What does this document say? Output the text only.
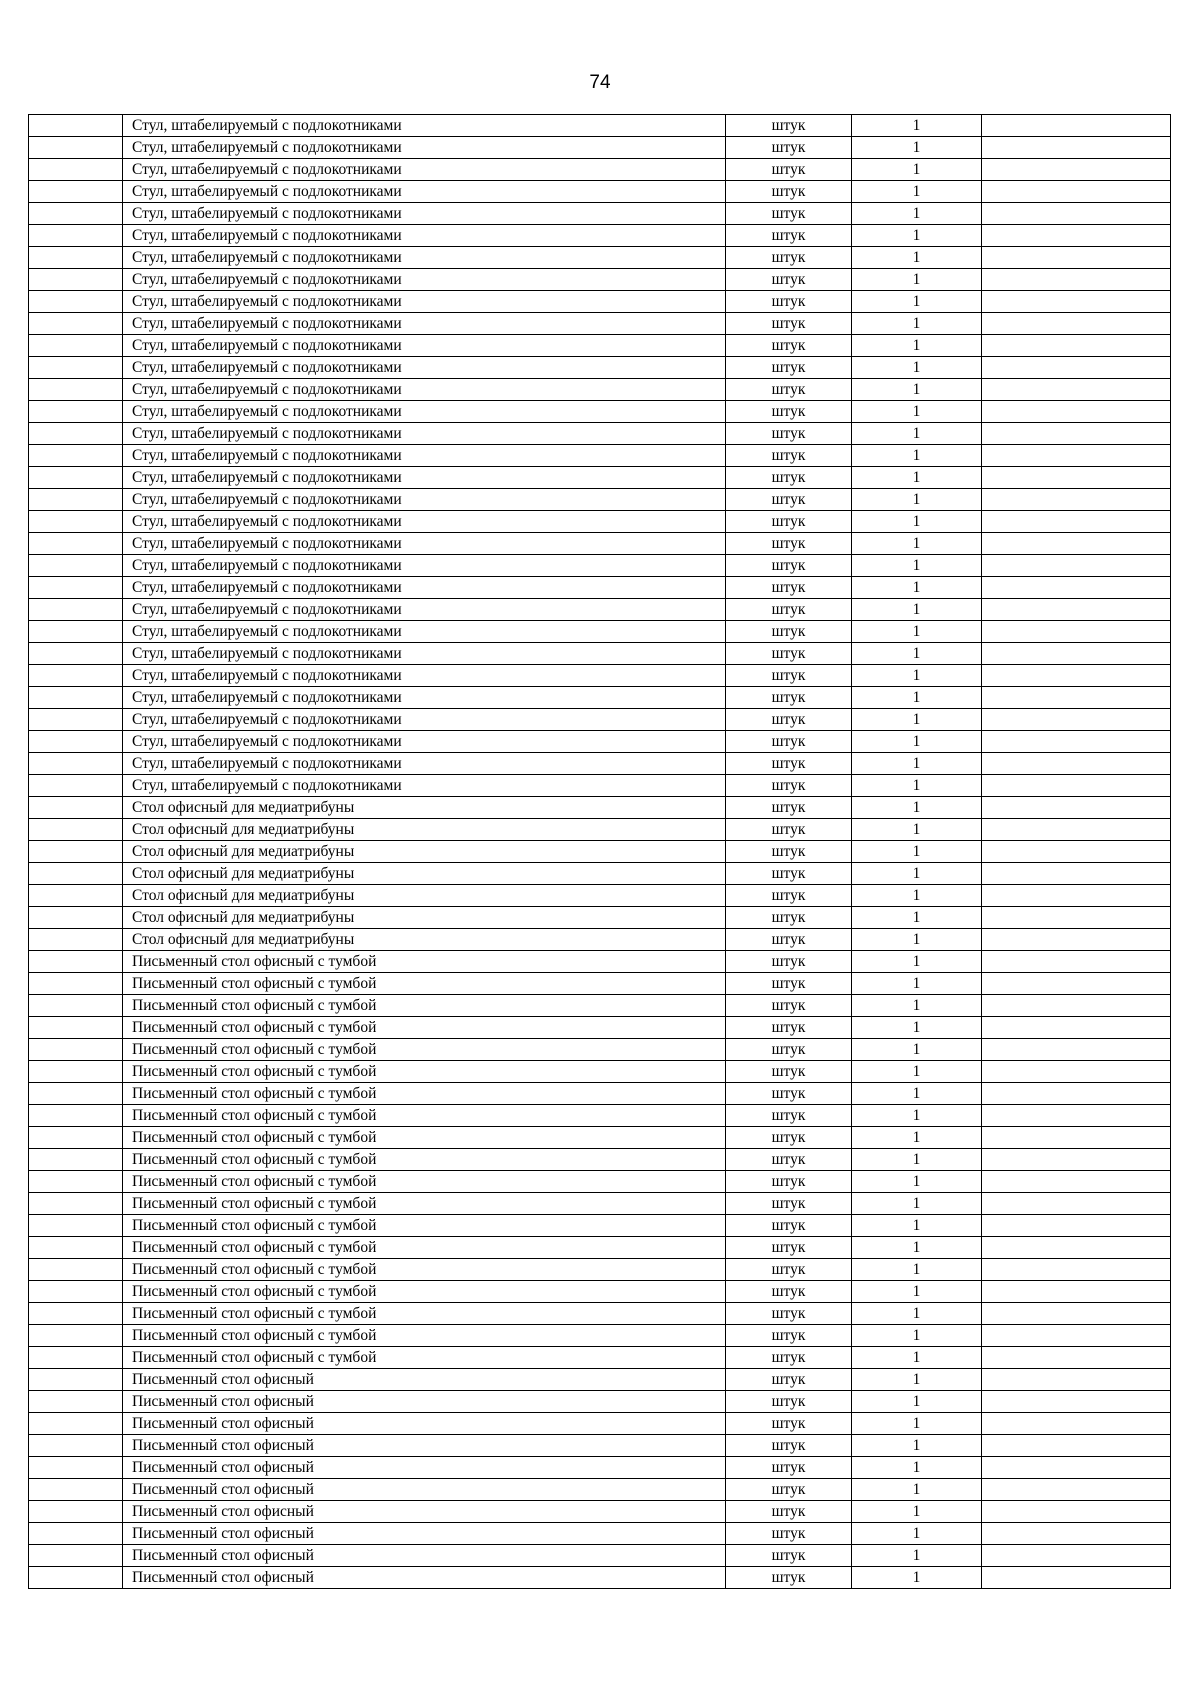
74
	Стул, штабелируемый с подлокотниками	штук	1	
	Стул, штабелируемый с подлокотниками	штук	1	
	Стул, штабелируемый с подлокотниками	штук	1	
	Стул, штабелируемый с подлокотниками	штук	1	
	Стул, штабелируемый с подлокотниками	штук	1	
	Стул, штабелируемый с подлокотниками	штук	1	
	Стул, штабелируемый с подлокотниками	штук	1	
	Стул, штабелируемый с подлокотниками	штук	1	
	Стул, штабелируемый с подлокотниками	штук	1	
	Стул, штабелируемый с подлокотниками	штук	1	
	Стул, штабелируемый с подлокотниками	штук	1	
	Стул, штабелируемый с подлокотниками	штук	1	
	Стул, штабелируемый с подлокотниками	штук	1	
	Стул, штабелируемый с подлокотниками	штук	1	
	Стул, штабелируемый с подлокотниками	штук	1	
	Стул, штабелируемый с подлокотниками	штук	1	
	Стул, штабелируемый с подлокотниками	штук	1	
	Стул, штабелируемый с подлокотниками	штук	1	
	Стул, штабелируемый с подлокотниками	штук	1	
	Стул, штабелируемый с подлокотниками	штук	1	
	Стул, штабелируемый с подлокотниками	штук	1	
	Стул, штабелируемый с подлокотниками	штук	1	
	Стул, штабелируемый с подлокотниками	штук	1	
	Стул, штабелируемый с подлокотниками	штук	1	
	Стул, штабелируемый с подлокотниками	штук	1	
	Стул, штабелируемый с подлокотниками	штук	1	
	Стул, штабелируемый с подлокотниками	штук	1	
	Стул, штабелируемый с подлокотниками	штук	1	
	Стул, штабелируемый с подлокотниками	штук	1	
	Стул, штабелируемый с подлокотниками	штук	1	
	Стул, штабелируемый с подлокотниками	штук	1	
	Стол офисный для медиатрибуны	штук	1	
	Стол офисный для медиатрибуны	штук	1	
	Стол офисный для медиатрибуны	штук	1	
	Стол офисный для медиатрибуны	штук	1	
	Стол офисный для медиатрибуны	штук	1	
	Стол офисный для медиатрибуны	штук	1	
	Стол офисный для медиатрибуны	штук	1	
	Письменный стол офисный с тумбой	штук	1	
	Письменный стол офисный с тумбой	штук	1	
	Письменный стол офисный с тумбой	штук	1	
	Письменный стол офисный с тумбой	штук	1	
	Письменный стол офисный с тумбой	штук	1	
	Письменный стол офисный с тумбой	штук	1	
	Письменный стол офисный с тумбой	штук	1	
	Письменный стол офисный с тумбой	штук	1	
	Письменный стол офисный с тумбой	штук	1	
	Письменный стол офисный с тумбой	штук	1	
	Письменный стол офисный с тумбой	штук	1	
	Письменный стол офисный с тумбой	штук	1	
	Письменный стол офисный с тумбой	штук	1	
	Письменный стол офисный с тумбой	штук	1	
	Письменный стол офисный с тумбой	штук	1	
	Письменный стол офисный с тумбой	штук	1	
	Письменный стол офисный с тумбой	штук	1	
	Письменный стол офисный с тумбой	штук	1	
	Письменный стол офисный с тумбой	штук	1	
	Письменный стол офисный	штук	1	
	Письменный стол офисный	штук	1	
	Письменный стол офисный	штук	1	
	Письменный стол офисный	штук	1	
	Письменный стол офисный	штук	1	
	Письменный стол офисный	штук	1	
	Письменный стол офисный	штук	1	
	Письменный стол офисный	штук	1	
	Письменный стол офисный	штук	1	
	Письменный стол офисный	штук	1	
